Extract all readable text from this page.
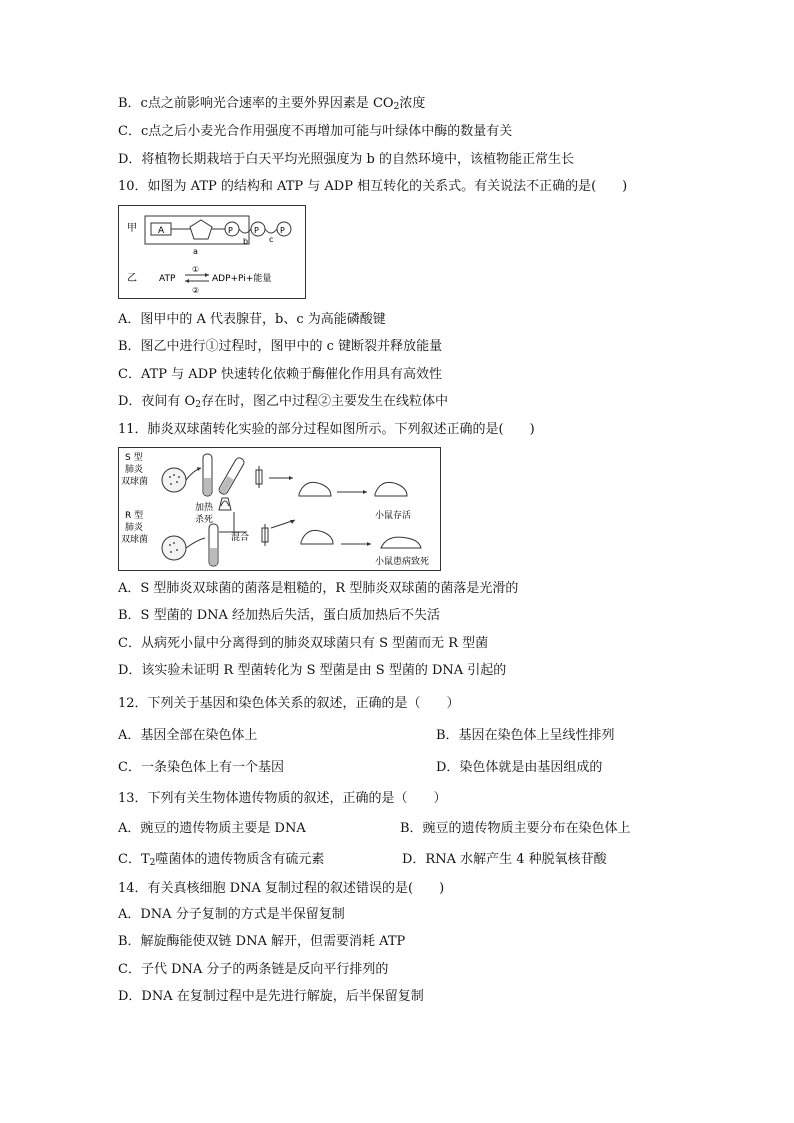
B．c点之前影响光合速率的主要外界因素是 $CO_2$浓度
C．c点之后小麦光合作用强度不再增加可能与叶绿体中酶的数量有关
D．将植物长期栽培于白天平均光照强度为 b 的自然环境中，该植物能正常生长
10．如图为 ATP 的结构和 ATP 与 ADP 相互转化的关系式。有关说法不正确的是(　　)
甲 A	P	P	P
a
b	c
乙 ATP
①
②
ADP+Pi+能量
A．图甲中的 A 代表腺苷，b、c 为高能磷酸键
B．图乙中进行①过程时，图甲中的 c 键断裂并释放能量
C．ATP 与 ADP 快速转化依赖于酶催化作用具有高效性
D．夜间有 $O_2$存在时，图乙中过程②主要发生在线粒体中
11．肺炎双球菌转化实验的部分过程如图所示。下列叙述正确的是(　　)
S 型
肺炎
双球菌
加热
杀死	小鼠存活
R 型
肺炎
双球菌	混合
小鼠患病致死
A．S 型肺炎双球菌的菌落是粗糙的，R 型肺炎双球菌的菌落是光滑的
B．S 型菌的 DNA 经加热后失活，蛋白质加热后不失活
C．从病死小鼠中分离得到的肺炎双球菌只有 S 型菌而无 R 型菌
D．该实验未证明 R 型菌转化为 S 型菌是由 S 型菌的 DNA 引起的
12．下列关于基因和染色体关系的叙述，正确的是（　　）
A．基因全部在染色体上	B．基因在染色体上呈线性排列
C．一条染色体上有一个基因	D．染色体就是由基因组成的
13．下列有关生物体遗传物质的叙述，正确的是（　　）
A．豌豆的遗传物质主要是 DNA	B．豌豆的遗传物质主要分布在染色体上
C．$T_2$噬菌体的遗传物质含有硫元素	D．RNA 水解产生 4 种脱氧核苷酸
14．有关真核细胞 DNA 复制过程的叙述错误的是(　　)
A．DNA 分子复制的方式是半保留复制
B．解旋酶能使双链 DNA 解开，但需要消耗 ATP
C．子代 DNA 分子的两条链是反向平行排列的
D．DNA 在复制过程中是先进行解旋，后半保留复制
